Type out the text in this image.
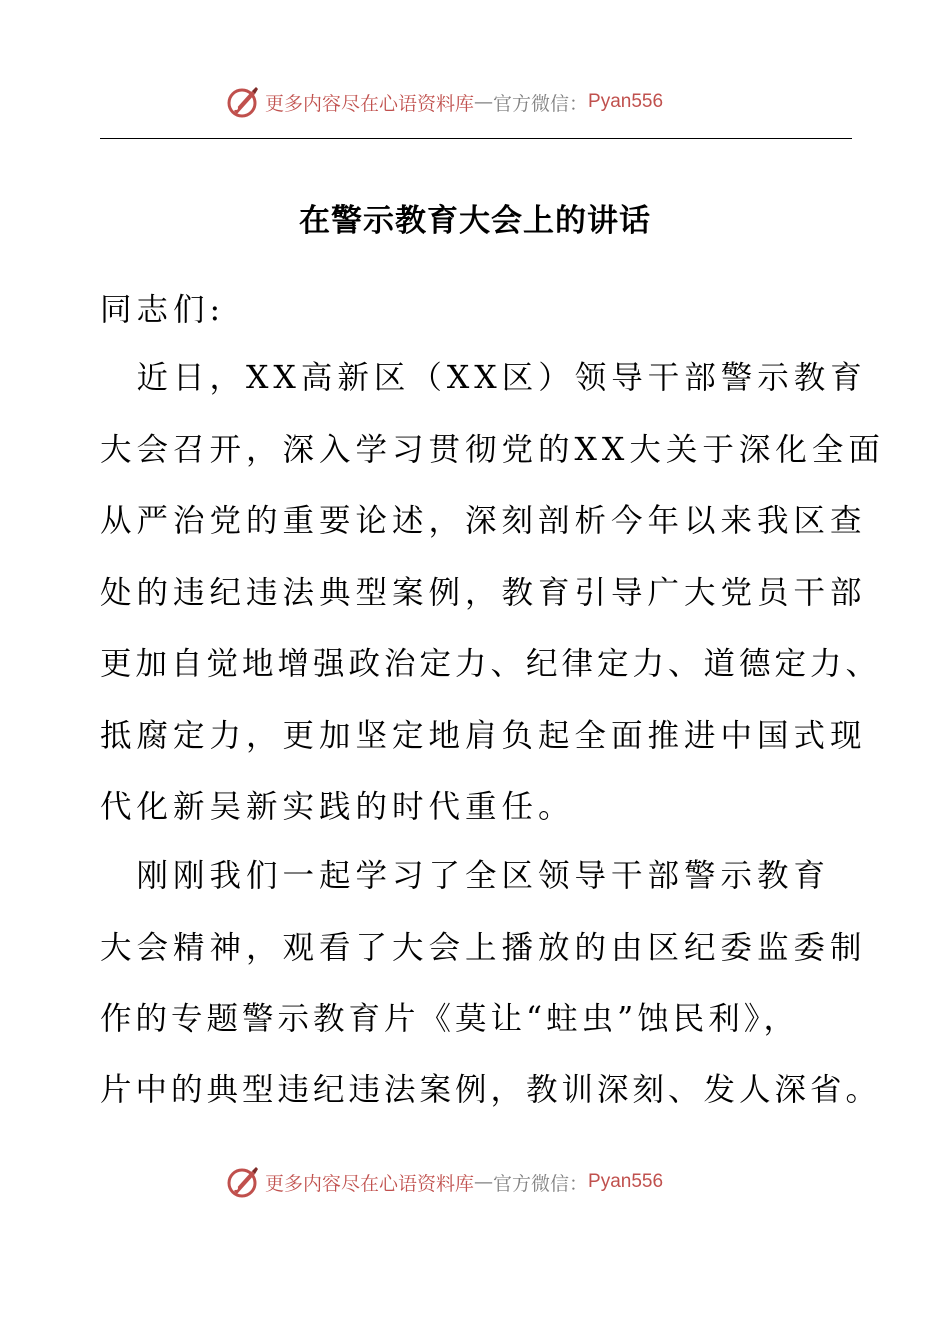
更多内容尽在心语资料库 — 官方微信： Pyan556
在警示教育大会上的讲话
同志们:
　近日，XX高新区（XX区）领导干部警示教育
大会召开，深入学习贯彻党的XX大关于深化全面
从严治党的重要论述，深刻剖析今年以来我区查
处的违纪违法典型案例，教育引导广大党员干部
更加自觉地增强政治定力、纪律定力、道德定力、
抵腐定力，更加坚定地肩负起全面推进中国式现
代化新吴新实践的时代重任。
　刚刚我们一起学习了全区领导干部警示教育
大会精神，观看了大会上播放的由区纪委监委制
作的专题警示教育片《莫让“蛀虫”蚀民利》，
片中的典型违纪违法案例，教训深刻、发人深省。
更多内容尽在心语资料库 — 官方微信： Pyan556
